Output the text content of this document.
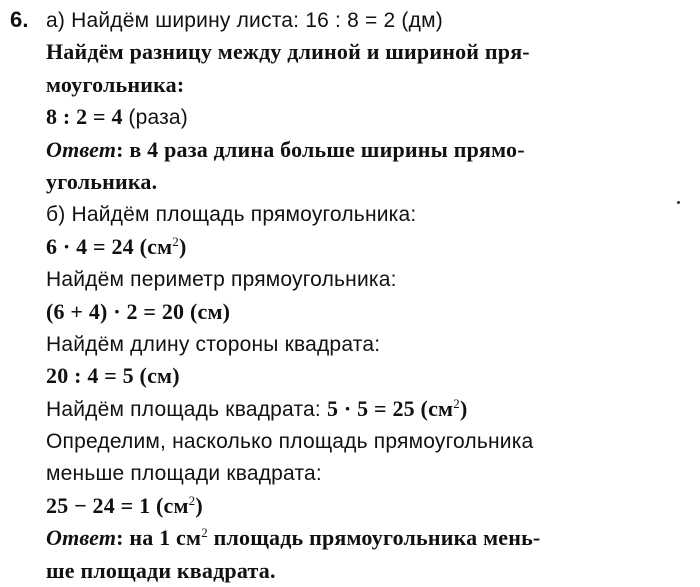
6. а) Найдём ширину листа: 16 : 8 = 2 (дм)
Найдём разницу между длиной и шириной пря-
моугольника:
8 : 2 = 4 (раза)
Ответ: в 4 раза длина больше ширины прямо-
угольника.
б) Найдём площадь прямоугольника:
6 · 4 = 24 $(см^2)$
Найдём периметр прямоугольника:
(6 + 4) · 2 = 20 (см)
Найдём длину стороны квадрата:
20 : 4 = 5 (см)
Найдём площадь квадрата: 5 · 5 = 25 $(см^2)$
Определим, насколько площадь прямоугольника
меньше площади квадрата:
25 − 24 = 1 $(см^2)$
Ответ: на 1 $см^2$ площадь прямоугольника мень-
ше площади квадрата.
